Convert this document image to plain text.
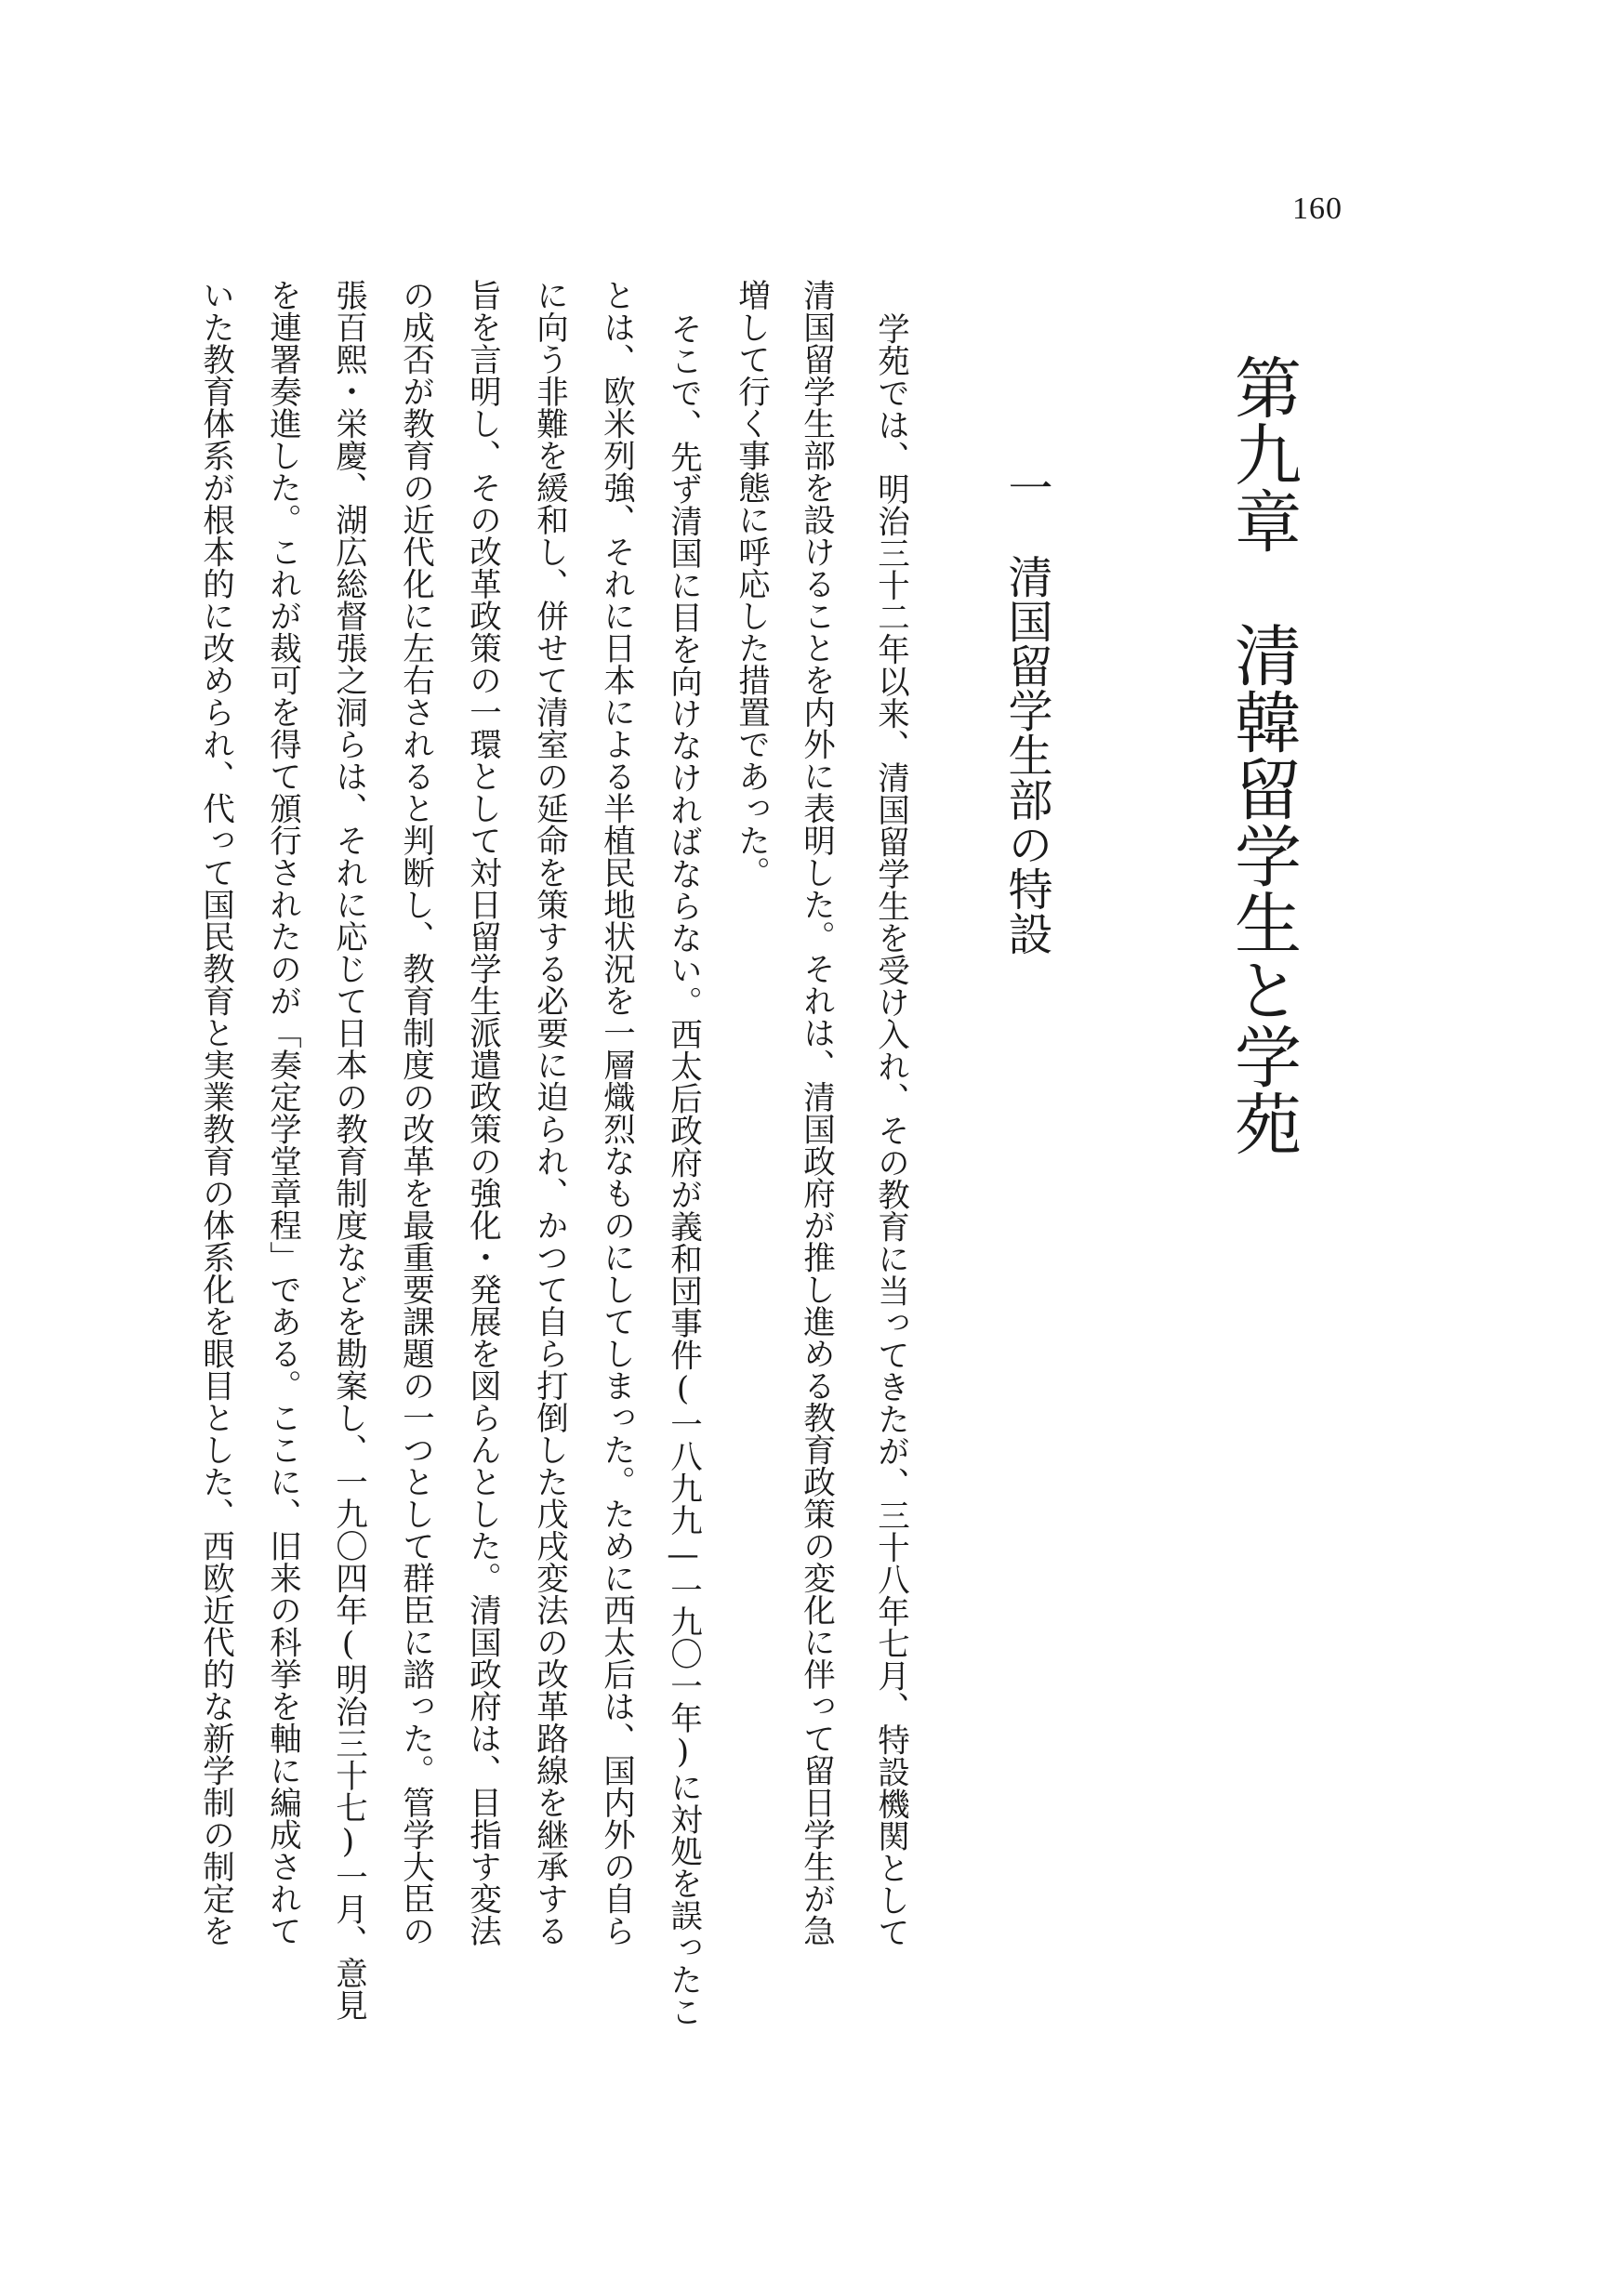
160
第九章　清韓留学生と学苑
一　清国留学生部の特設
学苑では、明治三十二年以来、清国留学生を受け入れ、その教育に当ってきたが、三十八年七月、特設機関として
清国留学生部を設けることを内外に表明した。それは、清国政府が推し進める教育政策の変化に伴って留日学生が急
増して行く事態に呼応した措置であった。
そこで、先ず清国に目を向けなければならない。西太后政府が義和団事件(一八九九—一九〇一年)に対処を誤ったこ
とは、欧米列強、それに日本による半植民地状況を一層熾烈なものにしてしまった。ために西太后は、国内外の自ら
に向う非難を緩和し、併せて清室の延命を策する必要に迫られ、かつて自ら打倒した戊戌変法の改革路線を継承する
旨を言明し、その改革政策の一環として対日留学生派遣政策の強化・発展を図らんとした。清国政府は、目指す変法
の成否が教育の近代化に左右されると判断し、教育制度の改革を最重要課題の一つとして群臣に諮った。管学大臣の
張百熙・栄慶、湖広総督張之洞らは、それに応じて日本の教育制度などを勘案し、一九〇四年(明治三十七)一月、意見
を連署奏進した。これが裁可を得て頒行されたのが「奏定学堂章程」である。ここに、旧来の科挙を軸に編成されて
いた教育体系が根本的に改められ、代って国民教育と実業教育の体系化を眼目とした、西欧近代的な新学制の制定を
